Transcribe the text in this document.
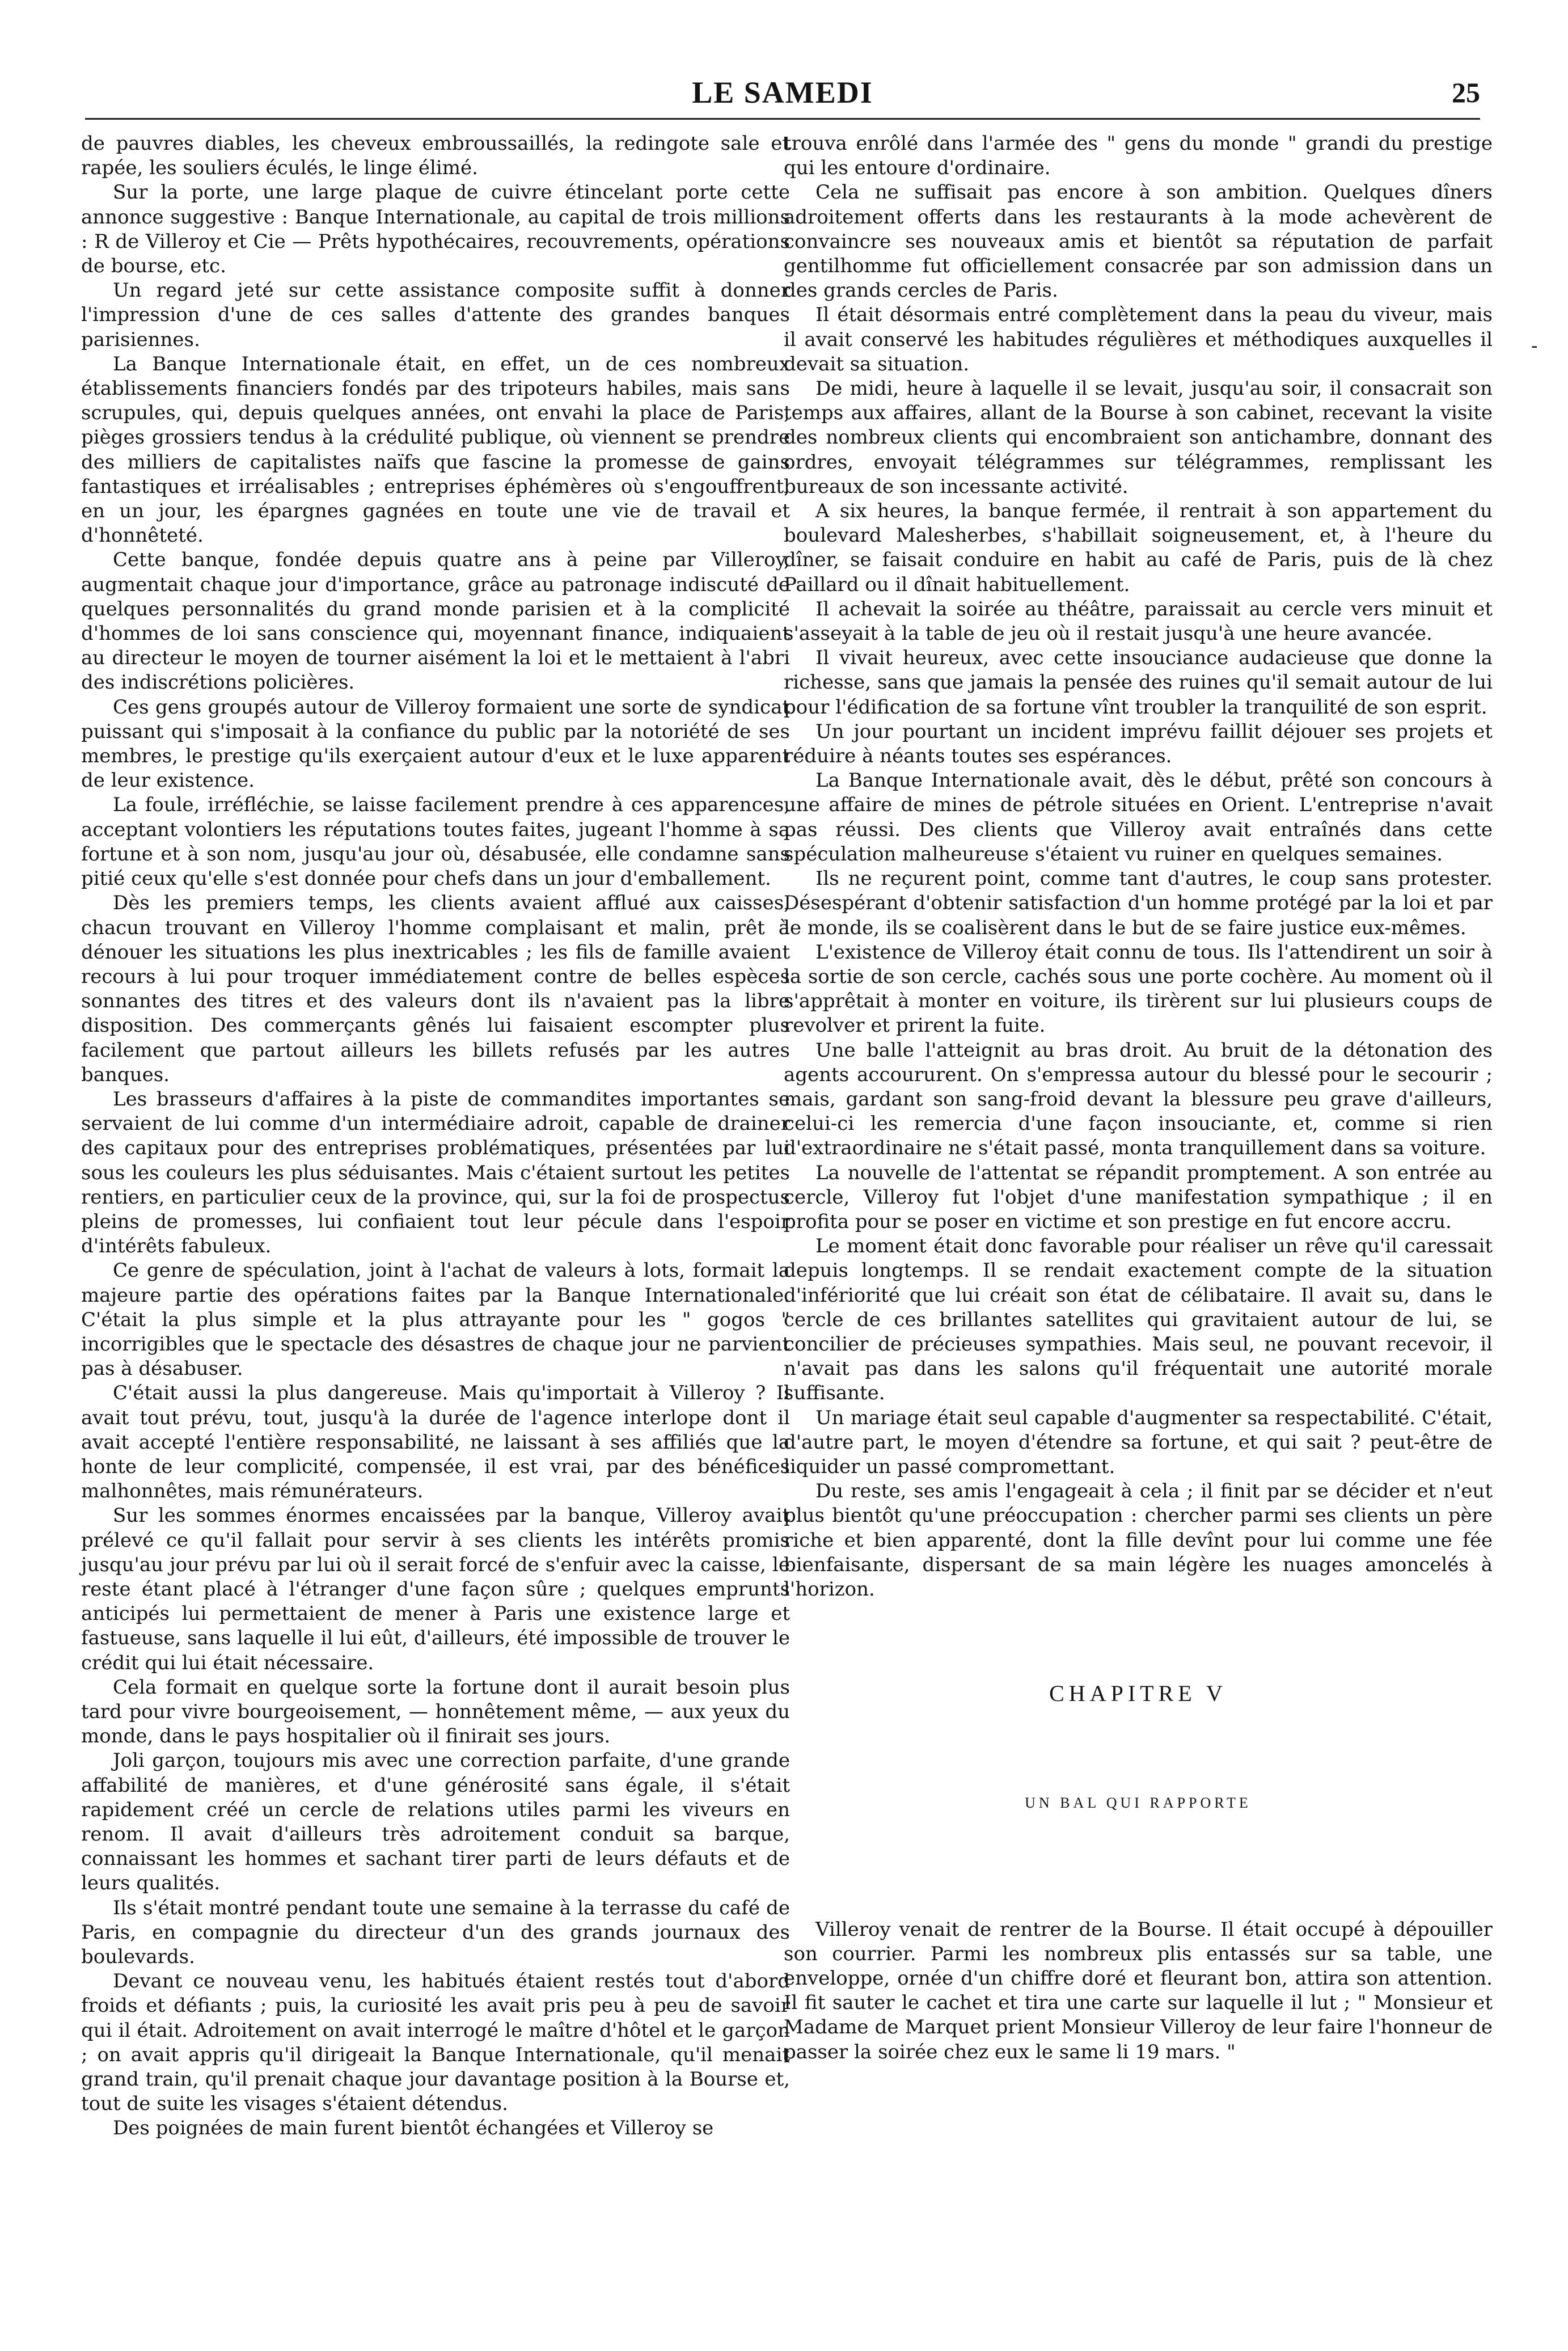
LE SAMEDI	25

de pauvres diables, les cheveux embroussaillés, la redingote sale et rapée, les souliers éculés, le linge élimé.

Sur la porte, une large plaque de cuivre étincelant porte cette annonce suggestive : Banque Internationale, au capital de trois millions : R de Villeroy et Cie — Prêts hypothécaires, recouvrements, opérations de bourse, etc.

Un regard jeté sur cette assistance composite suffit à donner l'impression d'une de ces salles d'attente des grandes banques parisiennes.

La Banque Internationale était, en effet, un de ces nombreux établissements financiers fondés par des tripoteurs habiles, mais sans scrupules, qui, depuis quelques années, ont envahi la place de Paris, pièges grossiers tendus à la crédulité publique, où viennent se prendre des milliers de capitalistes naïfs que fascine la promesse de gains fantastiques et irréalisables ; entreprises éphémères où s'engouffrent, en un jour, les épargnes gagnées en toute une vie de travail et d'honnêteté.

Cette banque, fondée depuis quatre ans à peine par Villeroy, augmentait chaque jour d'importance, grâce au patronage indiscuté de quelques personnalités du grand monde parisien et à la complicité d'hommes de loi sans conscience qui, moyennant finance, indiquaient au directeur le moyen de tourner aisément la loi et le mettaient à l'abri des indiscrétions policières.

Ces gens groupés autour de Villeroy formaient une sorte de syndicat puissant qui s'imposait à la confiance du public par la notoriété de ses membres, le prestige qu'ils exerçaient autour d'eux et le luxe apparent de leur existence.

La foule, irréfléchie, se laisse facilement prendre à ces apparences, acceptant volontiers les réputations toutes faites, jugeant l'homme à sa fortune et à son nom, jusqu'au jour où, désabusée, elle condamne sans pitié ceux qu'elle s'est donnée pour chefs dans un jour d'emballement.

Dès les premiers temps, les clients avaient afflué aux caisses, chacun trouvant en Villeroy l'homme complaisant et malin, prêt à dénouer les situations les plus inextricables ; les fils de famille avaient recours à lui pour troquer immédiatement contre de belles espèces sonnantes des titres et des valeurs dont ils n'avaient pas la libre disposition. Des commerçants gênés lui faisaient escompter plus facilement que partout ailleurs les billets refusés par les autres banques.

Les brasseurs d'affaires à la piste de commandites importantes se servaient de lui comme d'un intermédiaire adroit, capable de drainer des capitaux pour des entreprises problématiques, présentées par lui sous les couleurs les plus séduisantes. Mais c'étaient surtout les petites rentiers, en particulier ceux de la province, qui, sur la foi de prospectus pleins de promesses, lui confiaient tout leur pécule dans l'espoir d'intérêts fabuleux.

Ce genre de spéculation, joint à l'achat de valeurs à lots, formait la majeure partie des opérations faites par la Banque Internationale. C'était la plus simple et la plus attrayante pour les " gogos " incorrigibles que le spectacle des désastres de chaque jour ne parvient pas à désabuser.

C'était aussi la plus dangereuse. Mais qu'importait à Villeroy ? Il avait tout prévu, tout, jusqu'à la durée de l'agence interlope dont il avait accepté l'entière responsabilité, ne laissant à ses affiliés que la honte de leur complicité, compensée, il est vrai, par des bénéfices malhonnêtes, mais rémunérateurs.

Sur les sommes énormes encaissées par la banque, Villeroy avait prélevé ce qu'il fallait pour servir à ses clients les intérêts promis jusqu'au jour prévu par lui où il serait forcé de s'enfuir avec la caisse, le reste étant placé à l'étranger d'une façon sûre ; quelques emprunts anticipés lui permettaient de mener à Paris une existence large et fastueuse, sans laquelle il lui eût, d'ailleurs, été impossible de trouver le crédit qui lui était nécessaire.

Cela formait en quelque sorte la fortune dont il aurait besoin plus tard pour vivre bourgeoisement, — honnêtement même, — aux yeux du monde, dans le pays hospitalier où il finirait ses jours.

Joli garçon, toujours mis avec une correction parfaite, d'une grande affabilité de manières, et d'une générosité sans égale, il s'était rapidement créé un cercle de relations utiles parmi les viveurs en renom. Il avait d'ailleurs très adroitement conduit sa barque, connaissant les hommes et sachant tirer parti de leurs défauts et de leurs qualités.

Ils s'était montré pendant toute une semaine à la terrasse du café de Paris, en compagnie du directeur d'un des grands journaux des boulevards.

Devant ce nouveau venu, les habitués étaient restés tout d'abord froids et défiants ; puis, la curiosité les avait pris peu à peu de savoir qui il était. Adroitement on avait interrogé le maître d'hôtel et le garçon ; on avait appris qu'il dirigeait la Banque Internationale, qu'il menait grand train, qu'il prenait chaque jour davantage position à la Bourse et, tout de suite les visages s'étaient détendus.

Des poignées de main furent bientôt échangées et Villeroy se

trouva enrôlé dans l'armée des " gens du monde " grandi du prestige qui les entoure d'ordinaire.

Cela ne suffisait pas encore à son ambition. Quelques dîners adroitement offerts dans les restaurants à la mode achevèrent de convaincre ses nouveaux amis et bientôt sa réputation de parfait gentilhomme fut officiellement consacrée par son admission dans un des grands cercles de Paris.

Il était désormais entré complètement dans la peau du viveur, mais il avait conservé les habitudes régulières et méthodiques auxquelles il devait sa situation.

De midi, heure à laquelle il se levait, jusqu'au soir, il consacrait son temps aux affaires, allant de la Bourse à son cabinet, recevant la visite des nombreux clients qui encombraient son antichambre, donnant des ordres, envoyait télégrammes sur télégrammes, remplissant les bureaux de son incessante activité.

A six heures, la banque fermée, il rentrait à son appartement du boulevard Malesherbes, s'habillait soigneusement, et, à l'heure du dîner, se faisait conduire en habit au café de Paris, puis de là chez Paillard ou il dînait habituellement.

Il achevait la soirée au théâtre, paraissait au cercle vers minuit et s'asseyait à la table de jeu où il restait jusqu'à une heure avancée.

Il vivait heureux, avec cette insouciance audacieuse que donne la richesse, sans que jamais la pensée des ruines qu'il semait autour de lui pour l'édification de sa fortune vînt troubler la tranquilité de son esprit.

Un jour pourtant un incident imprévu faillit déjouer ses projets et réduire à néants toutes ses espérances.

La Banque Internationale avait, dès le début, prêté son concours à une affaire de mines de pétrole situées en Orient. L'entreprise n'avait pas réussi. Des clients que Villeroy avait entraînés dans cette spéculation malheureuse s'étaient vu ruiner en quelques semaines.

Ils ne reçurent point, comme tant d'autres, le coup sans protester. Désespérant d'obtenir satisfaction d'un homme protégé par la loi et par le monde, ils se coalisèrent dans le but de se faire justice eux-mêmes.

L'existence de Villeroy était connu de tous. Ils l'attendirent un soir à la sortie de son cercle, cachés sous une porte cochère. Au moment où il s'apprêtait à monter en voiture, ils tirèrent sur lui plusieurs coups de revolver et prirent la fuite.

Une balle l'atteignit au bras droit. Au bruit de la détonation des agents accoururent. On s'empressa autour du blessé pour le secourir ; mais, gardant son sang-froid devant la blessure peu grave d'ailleurs, celui-ci les remercia d'une façon insouciante, et, comme si rien d'extraordinaire ne s'était passé, monta tranquillement dans sa voiture.

La nouvelle de l'attentat se répandit promptement. A son entrée au cercle, Villeroy fut l'objet d'une manifestation sympathique ; il en profita pour se poser en victime et son prestige en fut encore accru.

Le moment était donc favorable pour réaliser un rêve qu'il caressait depuis longtemps. Il se rendait exactement compte de la situation d'infériorité que lui créait son état de célibataire. Il avait su, dans le cercle de ces brillantes satellites qui gravitaient autour de lui, se concilier de précieuses sympathies. Mais seul, ne pouvant recevoir, il n'avait pas dans les salons qu'il fréquentait une autorité morale suffisante.

Un mariage était seul capable d'augmenter sa respectabilité. C'était, d'autre part, le moyen d'étendre sa fortune, et qui sait ? peut-être de liquider un passé compromettant.

Du reste, ses amis l'engageait à cela ; il finit par se décider et n'eut plus bientôt qu'une préoccupation : chercher parmi ses clients un père riche et bien apparenté, dont la fille devînt pour lui comme une fée bienfaisante, dispersant de sa main légère les nuages amoncelés à l'horizon.

CHAPITRE V
UN BAL QUI RAPPORTE

Villeroy venait de rentrer de la Bourse. Il était occupé à dépouiller son courrier. Parmi les nombreux plis entassés sur sa table, une enveloppe, ornée d'un chiffre doré et fleurant bon, attira son attention. Il fit sauter le cachet et tira une carte sur laquelle il lut ; " Monsieur et Madame de Marquet prient Monsieur Villeroy de leur faire l'honneur de passer la soirée chez eux le same li 19 mars. "

-
